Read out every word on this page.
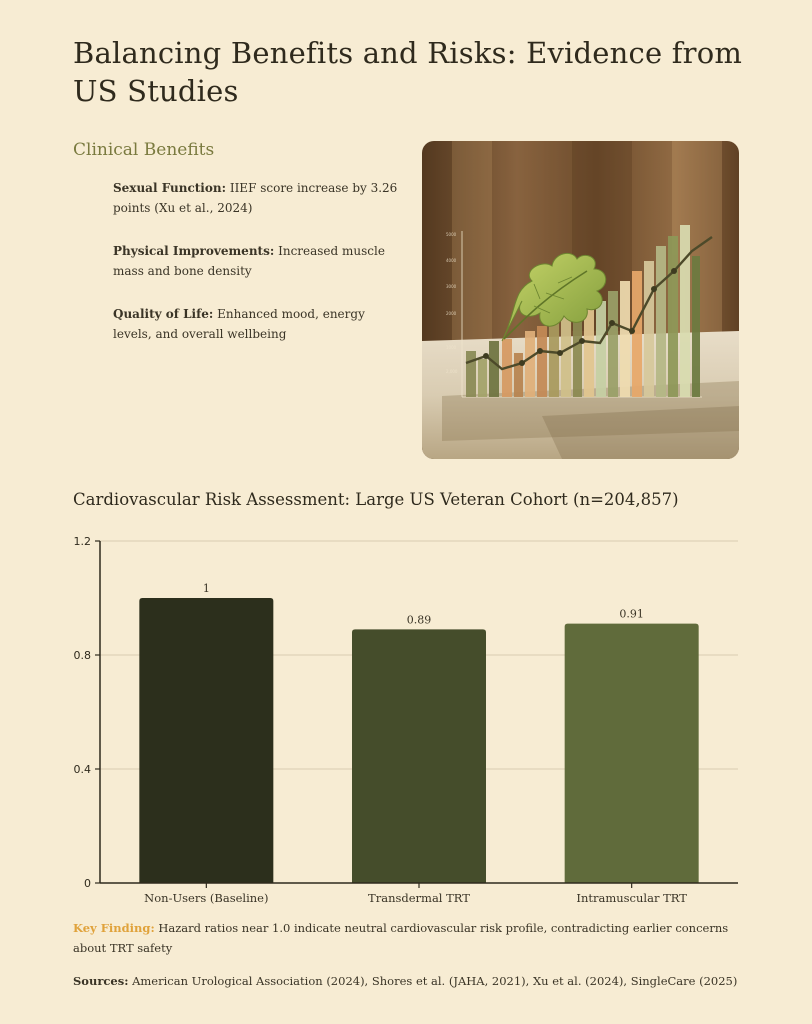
Balancing Benefits and Risks: Evidence from US Studies
Clinical Benefits
Sexual Function: IIEF score increase by 3.26 points (Xu et al., 2024)
Physical Improvements: Increased muscle mass and bone density
Quality of Life: Enhanced mood, energy levels, and overall wellbeing
5000
4000
3000
2000
1000
2,000
Cardiovascular Risk Assessment: Large US Veteran Cohort (n=204,857)
0
0.4
0.8
1.2
1
Non-Users (Baseline)
0.89
Transdermal TRT
0.91
Intramuscular TRT
Key Finding: Hazard ratios near 1.0 indicate neutral cardiovascular risk profile, contradicting earlier concerns about TRT safety
Sources: American Urological Association (2024), Shores et al. (JAHA, 2021), Xu et al. (2024), SingleCare (2025)
